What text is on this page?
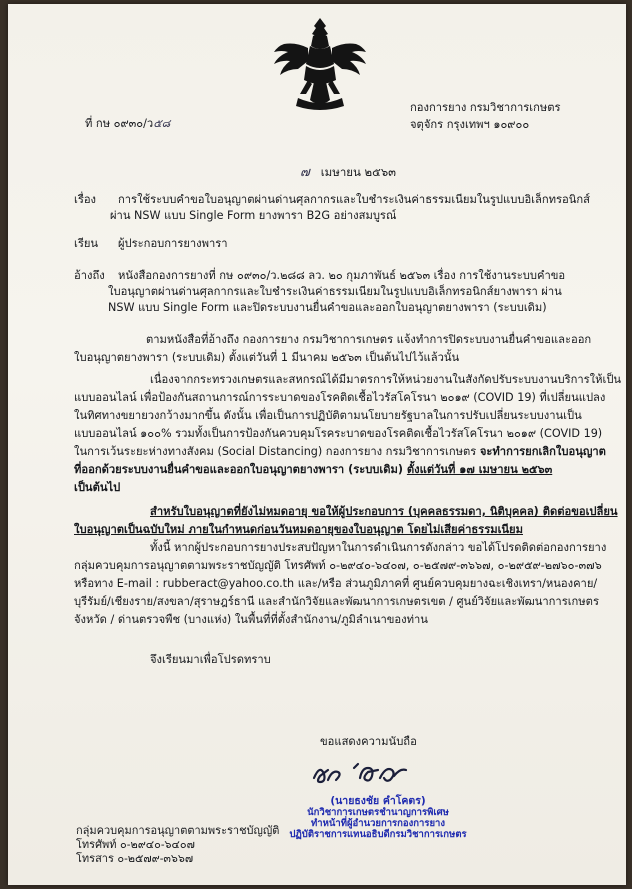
ที่ กษ ๐๙๓๐/ว๕๘
กองการยาง กรมวิชาการเกษตร
จตุจักร กรุงเทพฯ ๑๐๙๐๐
๗ เมษายน ๒๕๖๓
เรื่อง การใช้ระบบคำขอใบอนุญาตผ่านด่านศุลกากรและใบชำระเงินค่าธรรมเนียมในรูปแบบอิเล็กทรอนิกส์
ผ่าน NSW แบบ Single Form ยางพารา B2G อย่างสมบูรณ์
เรียน ผู้ประกอบการยางพารา
อ้างถึง หนังสือกองการยางที่ กษ ๐๙๓๐/ว.๒๘๘ ลว. ๒๐ กุมภาพันธ์ ๒๕๖๓ เรื่อง การใช้งานระบบคำขอ
ใบอนุญาตผ่านด่านศุลกากรและใบชำระเงินค่าธรรมเนียมในรูปแบบอิเล็กทรอนิกส์ยางพารา ผ่าน
NSW แบบ Single Form และปิดระบบงานยื่นคำขอและออกใบอนุญาตยางพารา (ระบบเดิม)
ตามหนังสือที่อ้างถึง กองการยาง กรมวิชาการเกษตร แจ้งทำการปิดระบบงานยื่นคำขอและออก
ใบอนุญาตยางพารา (ระบบเดิม) ตั้งแต่วันที่ 1 มีนาคม ๒๕๖๓ เป็นต้นไปไว้แล้วนั้น
เนื่องจากกระทรวงเกษตรและสหกรณ์ได้มีมาตรการให้หน่วยงานในสังกัดปรับระบบงานบริการให้เป็น
แบบออนไลน์ เพื่อป้องกันสถานการณ์การระบาดของโรคติดเชื้อไวรัสโคโรนา ๒๐๑๙ (COVID 19) ที่เปลี่ยนแปลง
ในทิศทางขยายวงกว้างมากขึ้น ดังนั้น เพื่อเป็นการปฏิบัติตามนโยบายรัฐบาลในการปรับเปลี่ยนระบบงานเป็น
แบบออนไลน์ ๑๐๐% รวมทั้งเป็นการป้องกันควบคุมโรคระบาดของโรคติดเชื้อไวรัสโคโรนา ๒๐๑๙ (COVID 19)
ในการเว้นระยะห่างทางสังคม (Social Distancing) กองการยาง กรมวิชาการเกษตร จะทำการยกเลิกใบอนุญาต
ที่ออกด้วยระบบงานยื่นคำขอและออกใบอนุญาตยางพารา (ระบบเดิม) ตั้งแต่วันที่ ๑๗ เมษายน ๒๕๖๓
เป็นต้นไป
สำหรับใบอนุญาตที่ยังไม่หมดอายุ ขอให้ผู้ประกอบการ (บุคคลธรรมดา, นิติบุคคล) ติดต่อขอเปลี่ยน
ใบอนุญาตเป็นฉบับใหม่ ภายในกำหนดก่อนวันหมดอายุของใบอนุญาต โดยไม่เสียค่าธรรมเนียม
ทั้งนี้ หากผู้ประกอบการยางประสบปัญหาในการดำเนินการดังกล่าว ขอได้โปรดติดต่อกองการยาง
กลุ่มควบคุมการอนุญาตตามพระราชบัญญัติ โทรศัพท์ ๐-๒๙๔๐-๖๔๐๗, ๐-๒๕๗๙-๓๖๖๗, ๐-๒๙๕๙-๒๗๖๐-๓๗๖
หรือทาง E-mail : rubberact@yahoo.co.th และ/หรือ ส่วนภูมิภาคที่ ศูนย์ควบคุมยางฉะเชิงเทรา/หนองคาย/
บุรีรัมย์/เชียงราย/สงขลา/สุราษฎร์ธานี และสำนักวิจัยและพัฒนาการเกษตรเขต / ศูนย์วิจัยและพัฒนาการเกษตร
จังหวัด / ด่านตรวจพืช (บางแห่ง) ในพื้นที่ที่ตั้งสำนักงาน/ภูมิลำเนาของท่าน
จึงเรียนมาเพื่อโปรดทราบ
ขอแสดงความนับถือ
(นายธงชัย คำโคตร)
นักวิชาการเกษตรชำนาญการพิเศษ
ทำหน้าที่ผู้อำนวยการกองการยาง
ปฏิบัติราชการแทนอธิบดีกรมวิชาการเกษตร
กลุ่มควบคุมการอนุญาตตามพระราชบัญญัติ
โทรศัพท์ ๐-๒๙๔๐-๖๔๐๗
โทรสาร ๐-๒๕๗๙-๓๖๖๗
